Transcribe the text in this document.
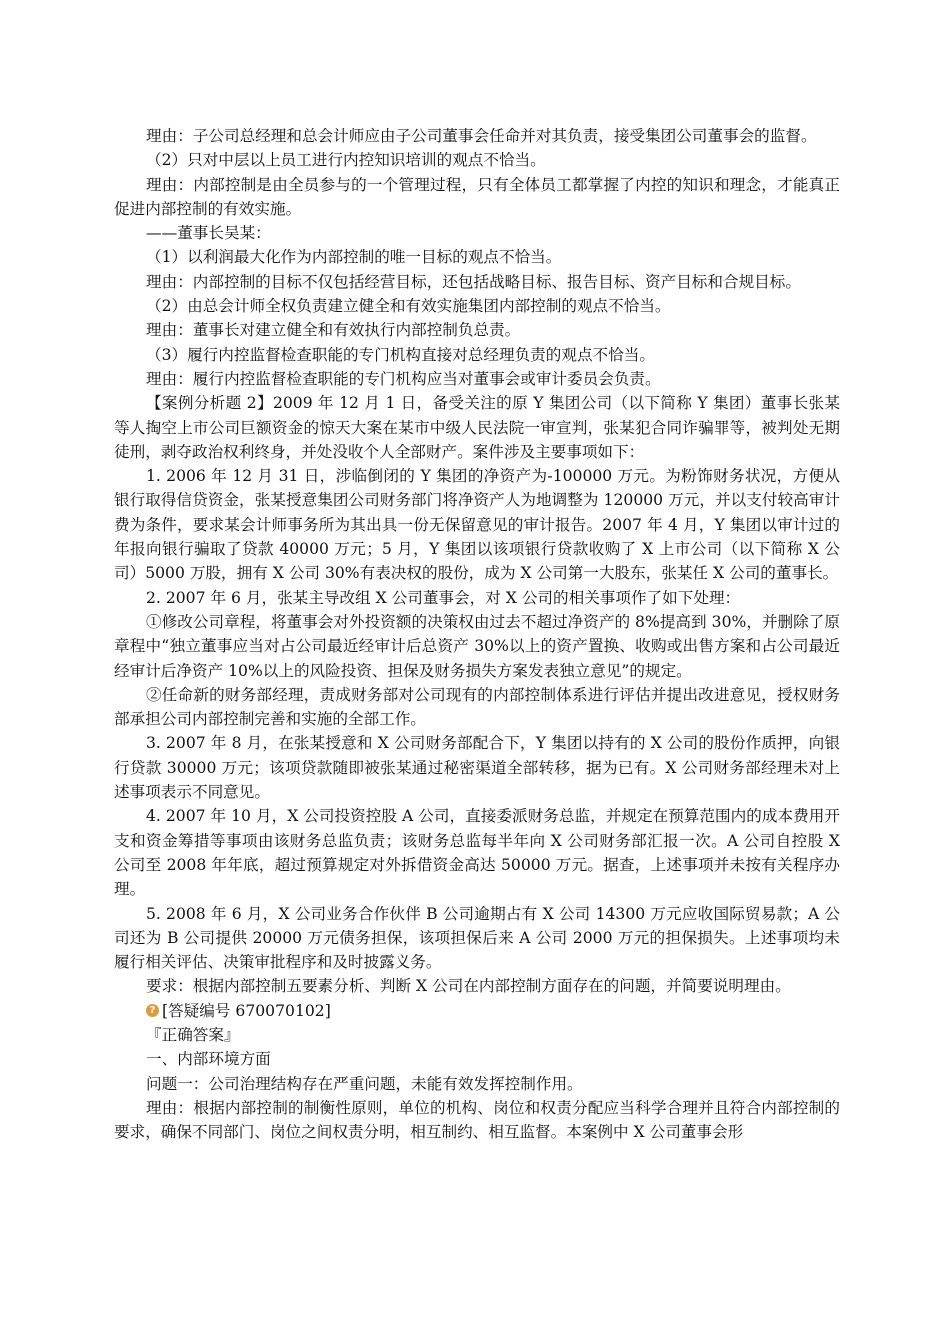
理由：子公司总经理和总会计师应由子公司董事会任命并对其负责，接受集团公司董事会的监督。

（2）只对中层以上员工进行内控知识培训的观点不恰当。

理由：内部控制是由全员参与的一个管理过程，只有全体员工都掌握了内控的知识和理念，才能真正促进内部控制的有效实施。

——董事长吴某：

（1）以利润最大化作为内部控制的唯一目标的观点不恰当。

理由：内部控制的目标不仅包括经营目标，还包括战略目标、报告目标、资产目标和合规目标。

（2）由总会计师全权负责建立健全和有效实施集团内部控制的观点不恰当。

理由：董事长对建立健全和有效执行内部控制负总责。

（3）履行内控监督检查职能的专门机构直接对总经理负责的观点不恰当。

理由：履行内控监督检查职能的专门机构应当对董事会或审计委员会负责。

【案例分析题 2】2009 年 12 月 1 日，备受关注的原 Y 集团公司（以下简称 Y 集团）董事长张某等人掏空上市公司巨额资金的惊天大案在某市中级人民法院一审宣判，张某犯合同诈骗罪等，被判处无期徒刑，剥夺政治权利终身，并处没收个人全部财产。案件涉及主要事项如下：

1. 2006 年 12 月 31 日，涉临倒闭的 Y 集团的净资产为-100000 万元。为粉饰财务状况，方便从银行取得信贷资金，张某授意集团公司财务部门将净资产人为地调整为 120000 万元，并以支付较高审计费为条件，要求某会计师事务所为其出具一份无保留意见的审计报告。2007 年 4 月，Y 集团以审计过的年报向银行骗取了贷款 40000 万元；5 月，Y 集团以该项银行贷款收购了 X 上市公司（以下简称 X 公司）5000 万股，拥有 X 公司 30%有表决权的股份，成为 X 公司第一大股东，张某任 X 公司的董事长。

2. 2007 年 6 月，张某主导改组 X 公司董事会，对 X 公司的相关事项作了如下处理：

①修改公司章程，将董事会对外投资额的决策权由过去不超过净资产的 8%提高到 30%，并删除了原章程中“独立董事应当对占公司最近经审计后总资产 30%以上的资产置换、收购或出售方案和占公司最近经审计后净资产 10%以上的风险投资、担保及财务损失方案发表独立意见”的规定。

②任命新的财务部经理，责成财务部对公司现有的内部控制体系进行评估并提出改进意见，授权财务部承担公司内部控制完善和实施的全部工作。

3. 2007 年 8 月，在张某授意和 X 公司财务部配合下，Y 集团以持有的 X 公司的股份作质押，向银行贷款 30000 万元；该项贷款随即被张某通过秘密渠道全部转移，据为已有。X 公司财务部经理未对上述事项表示不同意见。

4. 2007 年 10 月，X 公司投资控股 A 公司，直接委派财务总监，并规定在预算范围内的成本费用开支和资金筹措等事项由该财务总监负责；该财务总监每半年向 X 公司财务部汇报一次。A 公司自控股 X 公司至 2008 年年底，超过预算规定对外拆借资金高达 50000 万元。据查，上述事项并未按有关程序办理。

5. 2008 年 6 月，X 公司业务合作伙伴 B 公司逾期占有 X 公司 14300 万元应收国际贸易款；A 公司还为 B 公司提供 20000 万元债务担保，该项担保后来 A 公司 2000 万元的担保损失。上述事项均未履行相关评估、决策审批程序和及时披露义务。

要求：根据内部控制五要素分析、判断 X 公司在内部控制方面存在的问题，并简要说明理由。

? [答疑编号 670070102]

『正确答案』

一、内部环境方面

问题一：公司治理结构存在严重问题，未能有效发挥控制作用。

理由：根据内部控制的制衡性原则，单位的机构、岗位和权责分配应当科学合理并且符合内部控制的要求，确保不同部门、岗位之间权责分明，相互制约、相互监督。本案例中 X 公司董事会形
